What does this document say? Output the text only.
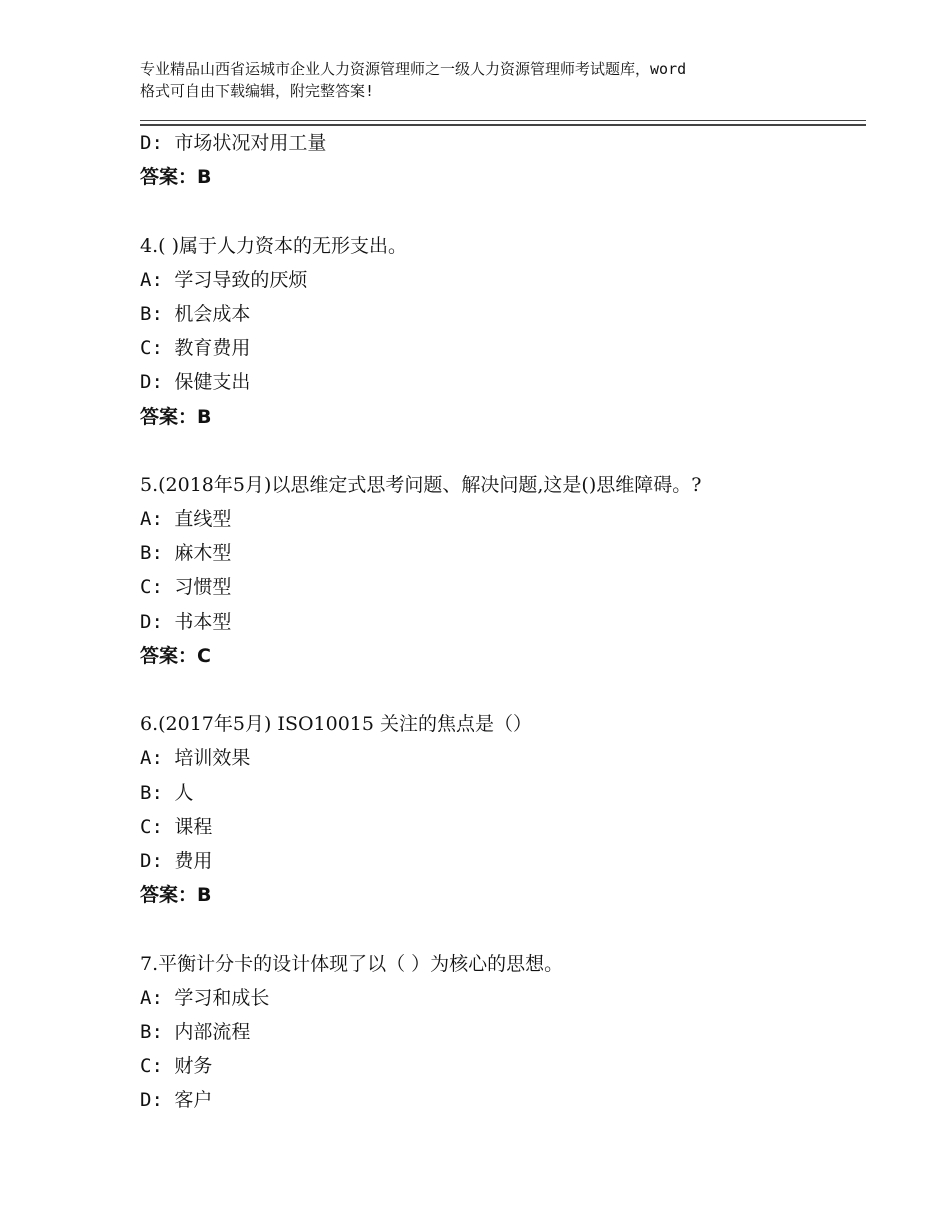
专业精品山西省运城市企业人力资源管理师之一级人力资源管理师考试题库，word
格式可自由下载编辑，附完整答案!
D: 市场状况对用工量
答案：B
4.( )属于人力资本的无形支出。
A: 学习导致的厌烦
B: 机会成本
C: 教育费用
D: 保健支出
答案：B
5.(2018年5月)以思维定式思考问题、解决问题,这是()思维障碍。?
A: 直线型
B: 麻木型
C: 习惯型
D: 书本型
答案：C
6.(2017年5月) ISO10015 关注的焦点是（）
A: 培训效果
B: 人
C: 课程
D: 费用
答案：B
7.平衡计分卡的设计体现了以（ ）为核心的思想。
A: 学习和成长
B: 内部流程
C: 财务
D: 客户
